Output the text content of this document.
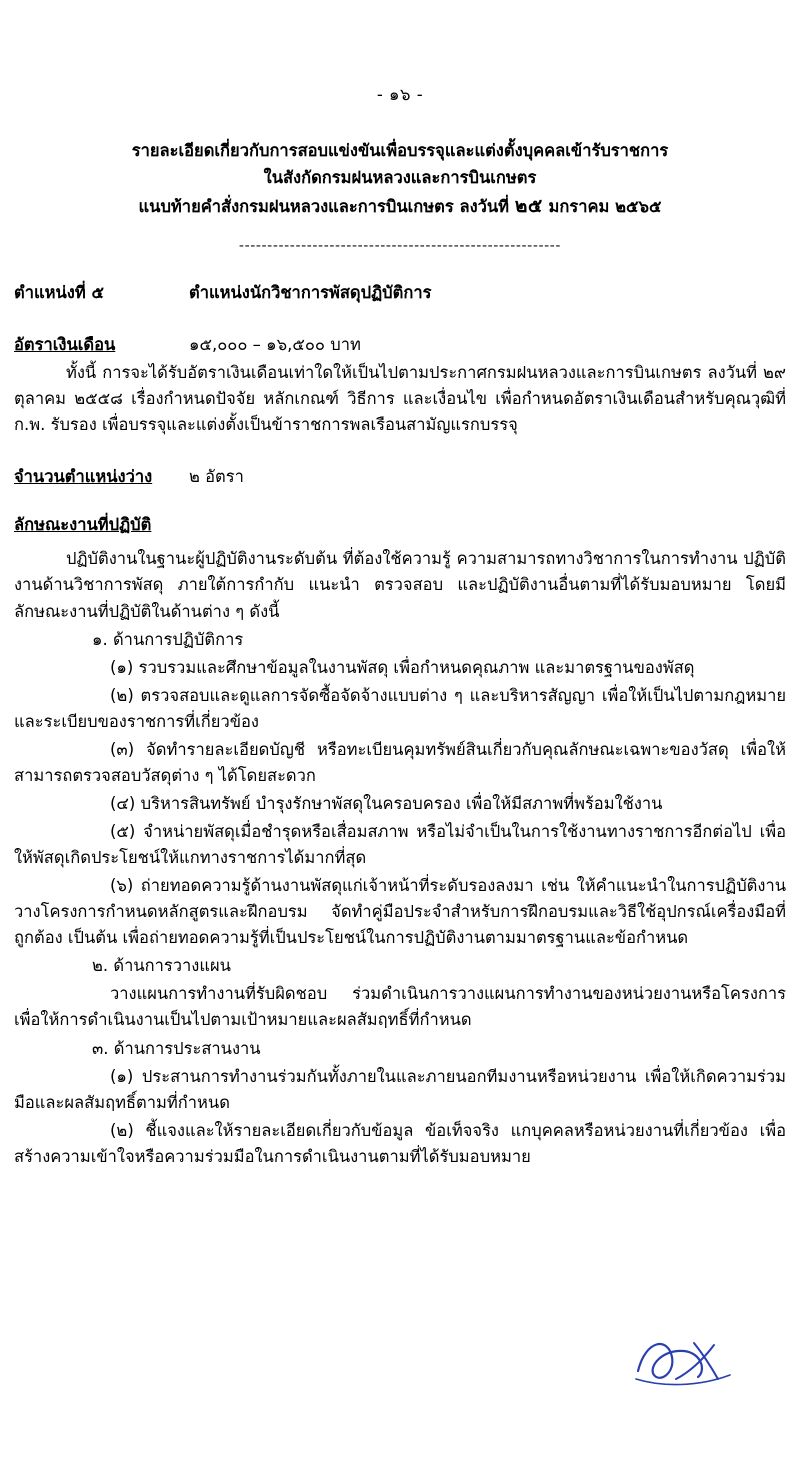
- ๑๖ -
รายละเอียดเกี่ยวกับการสอบแข่งขันเพื่อบรรจุและแต่งตั้งบุคคลเข้ารับราชการ
ในสังกัดกรมฝนหลวงและการบินเกษตร
แนบท้ายคำสั่งกรมฝนหลวงและการบินเกษตร ลงวันที่ ๒๕ มกราคม ๒๕๖๕
---------------------------------------------------------
ตำแหน่งที่ ๕	ตำแหน่งนักวิชาการพัสดุปฏิบัติการ
อัตราเงินเดือน	๑๕,๐๐๐ – ๑๖,๕๐๐ บาท
ทั้งนี้ การจะได้รับอัตราเงินเดือนเท่าใดให้เป็นไปตามประกาศกรมฝนหลวงและการบินเกษตร ลงวันที่ ๒๙ ตุลาคม ๒๕๕๘ เรื่องกำหนดปัจจัย หลักเกณฑ์ วิธีการ และเงื่อนไข เพื่อกำหนดอัตราเงินเดือนสำหรับคุณวุฒิที่ ก.พ. รับรอง เพื่อบรรจุและแต่งตั้งเป็นข้าราชการพลเรือนสามัญแรกบรรจุ
จำนวนตำแหน่งว่าง	๒ อัตรา
ลักษณะงานที่ปฏิบัติ
ปฏิบัติงานในฐานะผู้ปฏิบัติงานระดับต้น ที่ต้องใช้ความรู้ ความสามารถทางวิชาการในการทำงาน ปฏิบัติงานด้านวิชาการพัสดุ ภายใต้การกำกับ แนะนำ ตรวจสอบ และปฏิบัติงานอื่นตามที่ได้รับมอบหมาย โดยมีลักษณะงานที่ปฏิบัติในด้านต่าง ๆ ดังนี้
๑. ด้านการปฏิบัติการ
(๑) รวบรวมและศึกษาข้อมูลในงานพัสดุ เพื่อกำหนดคุณภาพ และมาตรฐานของพัสดุ
(๒) ตรวจสอบและดูแลการจัดซื้อจัดจ้างแบบต่าง ๆ และบริหารสัญญา เพื่อให้เป็นไปตามกฎหมายและระเบียบของราชการที่เกี่ยวข้อง
(๓) จัดทำรายละเอียดบัญชี หรือทะเบียนคุมทรัพย์สินเกี่ยวกับคุณลักษณะเฉพาะของวัสดุ เพื่อให้สามารถตรวจสอบวัสดุต่าง ๆ ได้โดยสะดวก
(๔) บริหารสินทรัพย์ บำรุงรักษาพัสดุในครอบครอง เพื่อให้มีสภาพที่พร้อมใช้งาน
(๕) จำหน่ายพัสดุเมื่อชำรุดหรือเสื่อมสภาพ หรือไม่จำเป็นในการใช้งานทางราชการอีกต่อไป เพื่อให้พัสดุเกิดประโยชน์ให้แกทางราชการได้มากที่สุด
(๖) ถ่ายทอดความรู้ด้านงานพัสดุแก่เจ้าหน้าที่ระดับรองลงมา เช่น ให้คำแนะนำในการปฏิบัติงาน วางโครงการกำหนดหลักสูตรและฝึกอบรม จัดทำคู่มือประจำสำหรับการฝึกอบรมและวิธีใช้อุปกรณ์เครื่องมือที่ถูกต้อง เป็นต้น เพื่อถ่ายทอดความรู้ที่เป็นประโยชน์ในการปฏิบัติงานตามมาตรฐานและข้อกำหนด
๒. ด้านการวางแผน
วางแผนการทำงานที่รับผิดชอบ ร่วมดำเนินการวางแผนการทำงานของหน่วยงานหรือโครงการ เพื่อให้การดำเนินงานเป็นไปตามเป้าหมายและผลสัมฤทธิ์ที่กำหนด
๓. ด้านการประสานงาน
(๑) ประสานการทำงานร่วมกันทั้งภายในและภายนอกทีมงานหรือหน่วยงาน เพื่อให้เกิดความร่วมมือและผลสัมฤทธิ์ตามที่กำหนด
(๒) ชี้แจงและให้รายละเอียดเกี่ยวกับข้อมูล ข้อเท็จจริง แกบุคคลหรือหน่วยงานที่เกี่ยวข้อง เพื่อสร้างความเข้าใจหรือความร่วมมือในการดำเนินงานตามที่ได้รับมอบหมาย
